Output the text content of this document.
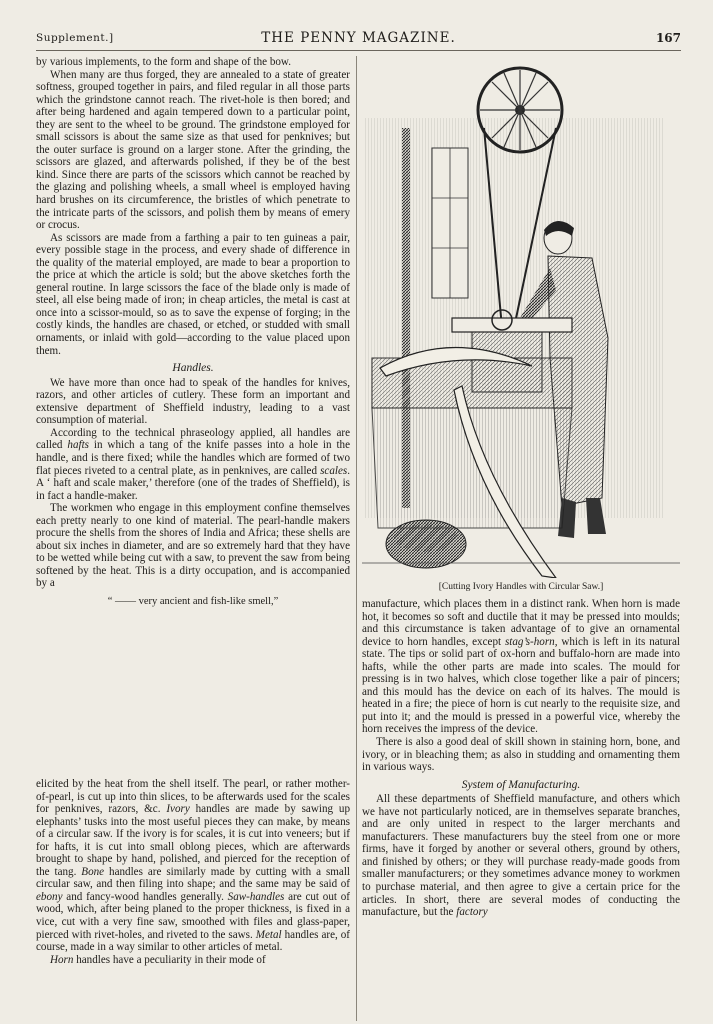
Supplement.]	THE PENNY MAGAZINE.	167

by various implements, to the form and shape of the bow.

When many are thus forged, they are annealed to a state of greater softness, grouped together in pairs, and filed regular in all those parts which the grindstone cannot reach. The rivet-hole is then bored; and after being hardened and again tempered down to a particular point, they are sent to the wheel to be ground. The grindstone employed for small scissors is about the same size as that used for penknives; but the outer surface is ground on a larger stone. After the grinding, the scissors are glazed, and afterwards polished, if they be of the best kind. Since there are parts of the scissors which cannot be reached by the glazing and polishing wheels, a small wheel is employed having hard brushes on its circumference, the bristles of which penetrate to the intricate parts of the scissors, and polish them by means of emery or crocus.

As scissors are made from a farthing a pair to ten guineas a pair, every possible stage in the process, and every shade of difference in the quality of the material employed, are made to bear a proportion to the price at which the article is sold; but the above sketches forth the general routine. In large scissors the face of the blade only is made of steel, all else being made of iron; in cheap articles, the metal is cast at once into a scissor-mould, so as to save the expense of forging; in the costly kinds, the handles are chased, or etched, or studded with small ornaments, or inlaid with gold—according to the value placed upon them.

Handles.

We have more than once had to speak of the handles for knives, razors, and other articles of cutlery. These form an important and extensive department of Sheffield industry, leading to a vast consumption of material.

According to the technical phraseology applied, all handles are called hafts in which a tang of the knife passes into a hole in the handle, and is there fixed; while the handles which are formed of two flat pieces riveted to a central plate, as in penknives, are called scales. A ‘ haft and scale maker,’ therefore (one of the trades of Sheffield), is in fact a handle-maker.

The workmen who engage in this employment confine themselves each pretty nearly to one kind of material. The pearl-handle makers procure the shells from the shores of India and Africa; these shells are about six inches in diameter, and are so extremely hard that they have to be wetted while being cut with a saw, to prevent the saw from being softened by the heat. This is a dirty occupation, and is accompanied by a

“ —— very ancient and fish-like smell,”

elicited by the heat from the shell itself. The pearl, or rather mother-of-pearl, is cut up into thin slices, to be afterwards used for the scales for penknives, razors, &c. Ivory handles are made by sawing up elephants’ tusks into the most useful pieces they can make, by means of a circular saw. If the ivory is for scales, it is cut into veneers; but if for hafts, it is cut into small oblong pieces, which are afterwards brought to shape by hand, polished, and pierced for the reception of the tang. Bone handles are similarly made by cutting with a small circular saw, and then filing into shape; and the same may be said of ebony and fancy-wood handles generally. Saw-handles are cut out of wood, which, after being planed to the proper thickness, is fixed in a vice, cut with a very fine saw, smoothed with files and glass-paper, pierced with rivet-holes, and riveted to the saws. Metal handles are, of course, made in a way similar to other articles of metal.

Horn handles have a peculiarity in their mode of

[Cutting Ivory Handles with Circular Saw.]

manufacture, which places them in a distinct rank. When horn is made hot, it becomes so soft and ductile that it may be pressed into moulds; and this circumstance is taken advantage of to give an ornamental device to horn handles, except stag’s-horn, which is left in its natural state. The tips or solid part of ox-horn and buffalo-horn are made into hafts, while the other parts are made into scales. The mould for pressing is in two halves, which close together like a pair of pincers; and this mould has the device on each of its halves. The mould is heated in a fire; the piece of horn is cut nearly to the requisite size, and put into it; and the mould is pressed in a powerful vice, whereby the horn receives the impress of the device.

There is also a good deal of skill shown in staining horn, bone, and ivory, or in bleaching them; as also in studding and ornamenting them in various ways.

System of Manufacturing.

All these departments of Sheffield manufacture, and others which we have not particularly noticed, are in themselves separate branches, and are only united in respect to the larger merchants and manufacturers. These manufacturers buy the steel from one or more firms, have it forged by another or several others, ground by others, and finished by others; or they will purchase ready-made goods from smaller manufacturers; or they sometimes advance money to workmen to purchase material, and then agree to give a certain price for the articles. In short, there are several modes of conducting the manufacture, but the factory
